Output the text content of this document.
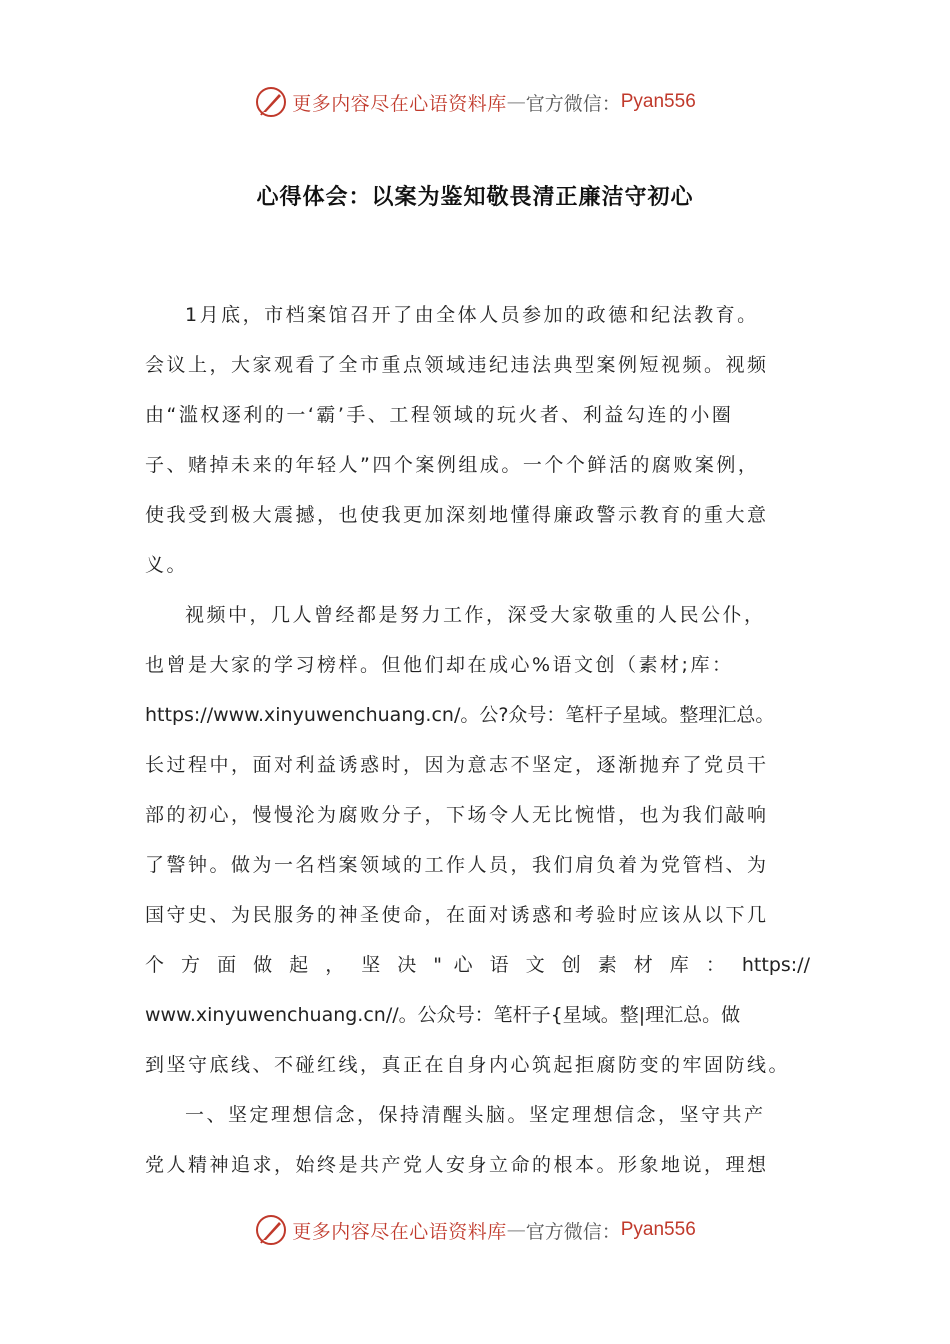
更多内容尽在心语资料库 — 官方微信： Pyan556
心得体会：以案为鉴知敬畏清正廉洁守初心
1月底，市档案馆召开了由全体人员参加的政德和纪法教育。
会议上，大家观看了全市重点领域违纪违法典型案例短视频。视频
由“滥权逐利的一‘霸’手、工程领域的玩火者、利益勾连的小圈
子、赌掉未来的年轻人”四个案例组成。一个个鲜活的腐败案例，
使我受到极大震撼，也使我更加深刻地懂得廉政警示教育的重大意
义。
视频中，几人曾经都是努力工作，深受大家敬重的人民公仆，
也曾是大家的学习榜样。但他们却在成心%语文创（素材;库：
https://www.xinyuwenchuang.cn/。公?众号：笔杆子星域。整理汇总。
长过程中，面对利益诱惑时，因为意志不坚定，逐渐抛弃了党员干
部的初心，慢慢沦为腐败分子，下场令人无比惋惜，也为我们敲响
了警钟。做为一名档案领域的工作人员，我们肩负着为党管档、为
国守史、为民服务的神圣使命，在面对诱惑和考验时应该从以下几
个 方 面 做 起 ， 坚 决 " 心 语 文 创 素 材 库 ： https://
www.xinyuwenchuang.cn//。公众号：笔杆子{星域。整|理汇总。做
到坚守底线、不碰红线，真正在自身内心筑起拒腐防变的牢固防线。
一、坚定理想信念，保持清醒头脑。坚定理想信念，坚守共产
党人精神追求，始终是共产党人安身立命的根本。形象地说，理想
更多内容尽在心语资料库 — 官方微信： Pyan556
